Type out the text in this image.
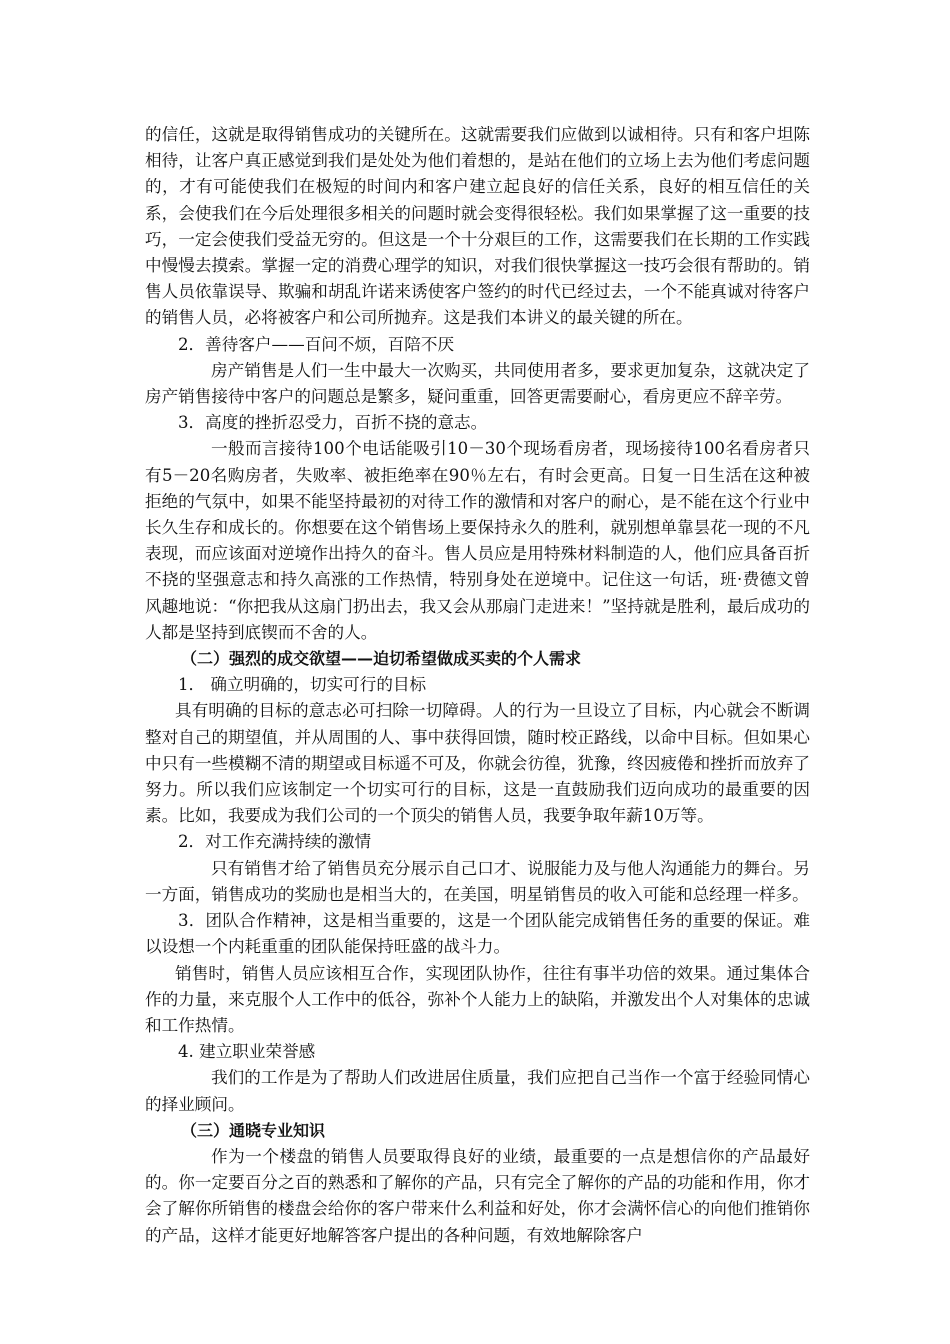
的信任，这就是取得销售成功的关键所在。这就需要我们应做到以诚相待。只有和客户坦陈相待，让客户真正感觉到我们是处处为他们着想的，是站在他们的立场上去为他们考虑问题的，才有可能使我们在极短的时间内和客户建立起良好的信任关系，良好的相互信任的关系，会使我们在今后处理很多相关的问题时就会变得很轻松。我们如果掌握了这一重要的技巧，一定会使我们受益无穷的。但这是一个十分艰巨的工作，这需要我们在长期的工作实践中慢慢去摸索。掌握一定的消费心理学的知识，对我们很快掌握这一技巧会很有帮助的。销售人员依靠误导、欺骗和胡乱许诺来诱使客户签约的时代已经过去，一个不能真诚对待客户的销售人员，必将被客户和公司所抛弃。这是我们本讲义的最关键的所在。

2．善待客户——百问不烦，百陪不厌

房产销售是人们一生中最大一次购买，共同使用者多，要求更加复杂，这就决定了房产销售接待中客户的问题总是繁多，疑问重重，回答更需要耐心，看房更应不辞辛劳。

3．高度的挫折忍受力，百折不挠的意志。

一般而言接待100个电话能吸引10－30个现场看房者，现场接待100名看房者只有5－20名购房者，失败率、被拒绝率在90％左右，有时会更高。日复一日生活在这种被拒绝的气氛中，如果不能坚持最初的对待工作的激情和对客户的耐心，是不能在这个行业中长久生存和成长的。你想要在这个销售场上要保持永久的胜利，就别想单靠昙花一现的不凡表现，而应该面对逆境作出持久的奋斗。售人员应是用特殊材料制造的人，他们应具备百折不挠的坚强意志和持久高涨的工作热情，特别身处在逆境中。记住这一句话，班·费德文曾风趣地说：“你把我从这扇门扔出去，我又会从那扇门走进来！”坚持就是胜利，最后成功的人都是坚持到底锲而不舍的人。

（二）强烈的成交欲望——迫切希望做成买卖的个人需求

1． 确立明确的，切实可行的目标

具有明确的目标的意志必可扫除一切障碍。人的行为一旦设立了目标，内心就会不断调整对自己的期望值，并从周围的人、事中获得回馈，随时校正路线，以命中目标。但如果心中只有一些模糊不清的期望或目标遥不可及，你就会彷徨，犹豫，终因疲倦和挫折而放弃了努力。所以我们应该制定一个切实可行的目标，这是一直鼓励我们迈向成功的最重要的因素。比如，我要成为我们公司的一个顶尖的销售人员，我要争取年薪10万等。

2．对工作充满持续的激情

只有销售才给了销售员充分展示自己口才、说服能力及与他人沟通能力的舞台。另一方面，销售成功的奖励也是相当大的，在美国，明星销售员的收入可能和总经理一样多。

3．团队合作精神，这是相当重要的，这是一个团队能完成销售任务的重要的保证。难以设想一个内耗重重的团队能保持旺盛的战斗力。

销售时，销售人员应该相互合作，实现团队协作，往往有事半功倍的效果。通过集体合作的力量，来克服个人工作中的低谷，弥补个人能力上的缺陷，并激发出个人对集体的忠诚和工作热情。

4. 建立职业荣誉感

我们的工作是为了帮助人们改进居住质量，我们应把自己当作一个富于经验同情心的择业顾问。

（三）通晓专业知识

作为一个楼盘的销售人员要取得良好的业绩，最重要的一点是想信你的产品最好的。你一定要百分之百的熟悉和了解你的产品，只有完全了解你的产品的功能和作用，你才会了解你所销售的楼盘会给你的客户带来什么利益和好处，你才会满怀信心的向他们推销你的产品，这样才能更好地解答客户提出的各种问题，有效地解除客户
